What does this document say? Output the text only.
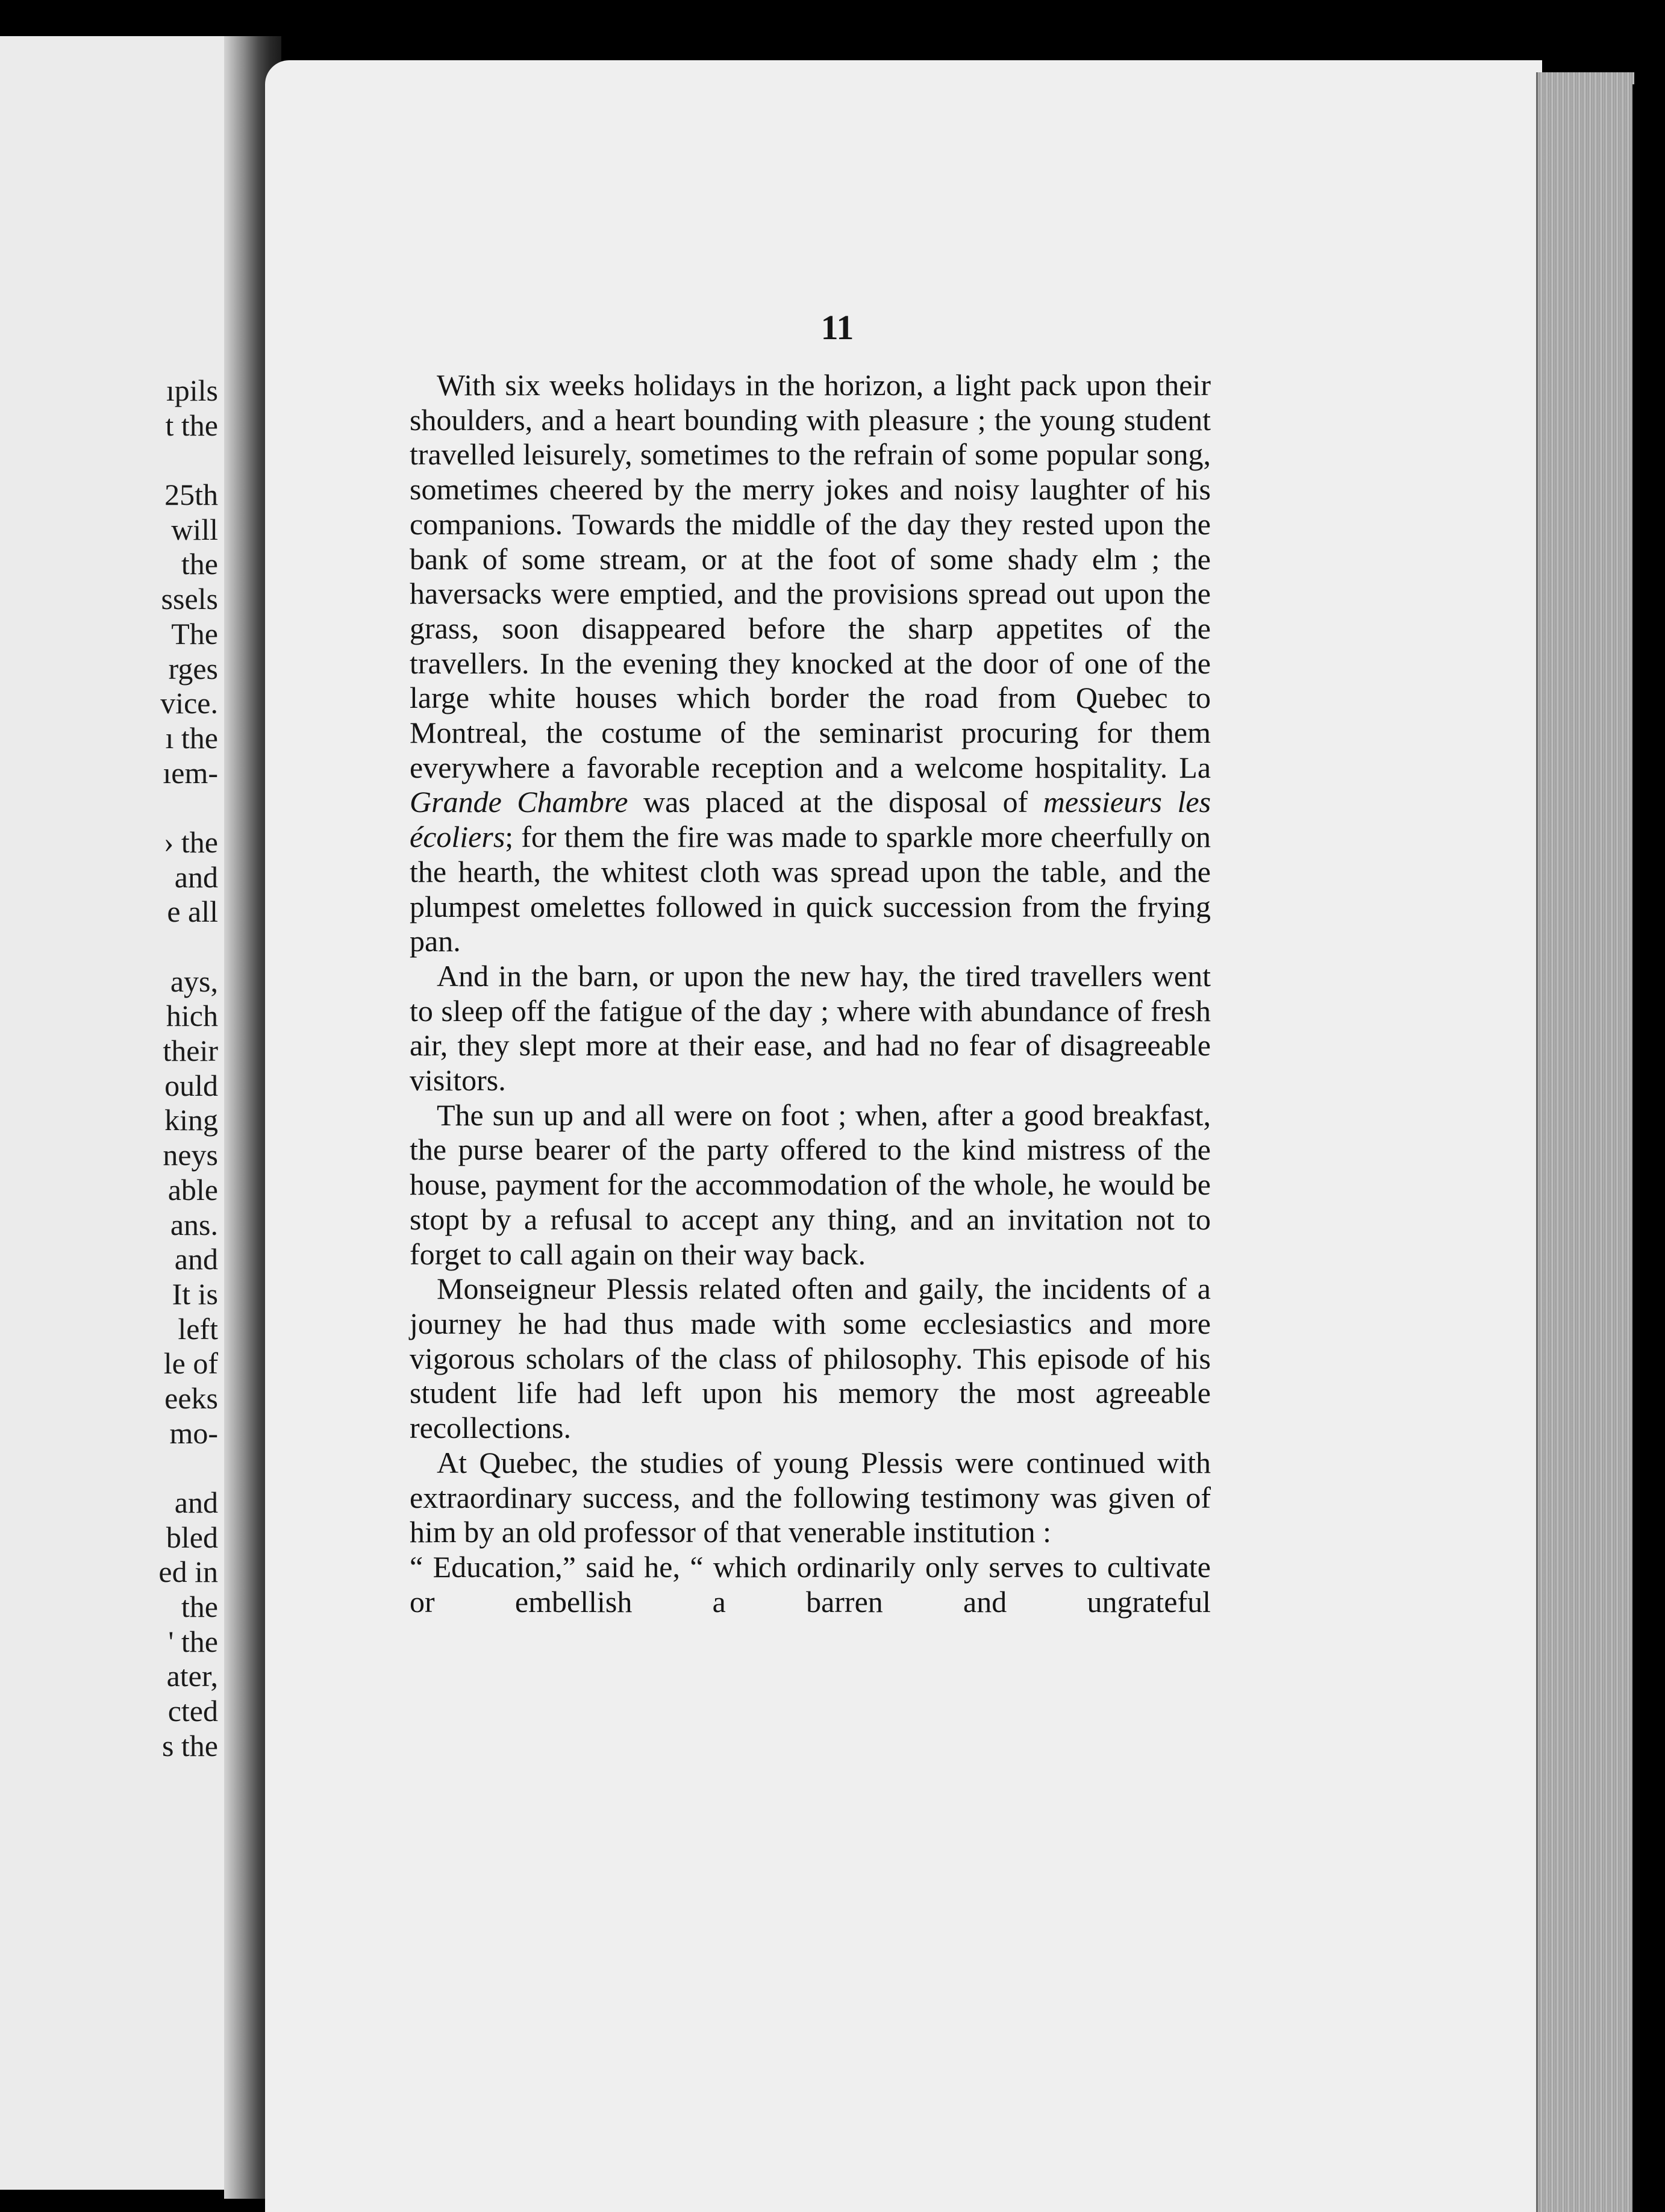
ıpils
t the
25th
will
the
ssels
The
rges
vice.
ı the
ıem-
› the
and
e all
ays,
hich
their
ould
king
neys
able
ans.
and
It is
left
le of
eeks
mo-
and
bled
ed in
the
' the
ater,
cted
s the
11

With six weeks holidays in the horizon, a light pack upon their shoulders, and a heart bounding with pleasure ; the young student travelled leisurely, sometimes to the refrain of some popular song, sometimes cheered by the merry jokes and noisy laughter of his companions. Towards the middle of the day they rested upon the bank of some stream, or at the foot of some shady elm ; the haversacks were emptied, and the provisions spread out upon the grass, soon disappeared before the sharp appetites of the travellers. In the evening they knocked at the door of one of the large white houses which border the road from Quebec to Montreal, the costume of the seminarist procuring for them everywhere a favorable reception and a welcome hospitality. La Grande Chambre was placed at the disposal of messieurs les écoliers; for them the fire was made to sparkle more cheerfully on the hearth, the whitest cloth was spread upon the table, and the plumpest omelettes followed in quick succession from the frying pan.

And in the barn, or upon the new hay, the tired travellers went to sleep off the fatigue of the day ; where with abundance of fresh air, they slept more at their ease, and had no fear of disagreeable visitors.

The sun up and all were on foot ; when, after a good breakfast, the purse bearer of the party offered to the kind mistress of the house, payment for the accommodation of the whole, he would be stopt by a refusal to accept any thing, and an invitation not to forget to call again on their way back.

Monseigneur Plessis related often and gaily, the incidents of a journey he had thus made with some ecclesiastics and more vigorous scholars of the class of philosophy. This episode of his student life had left upon his memory the most agreeable recollections.

At Quebec, the studies of young Plessis were continued with extraordinary success, and the following testimony was given of him by an old professor of that venerable institution :

“ Education,” said he, “ which ordinarily only serves to cultivate or embellish a barren and ungrateful
